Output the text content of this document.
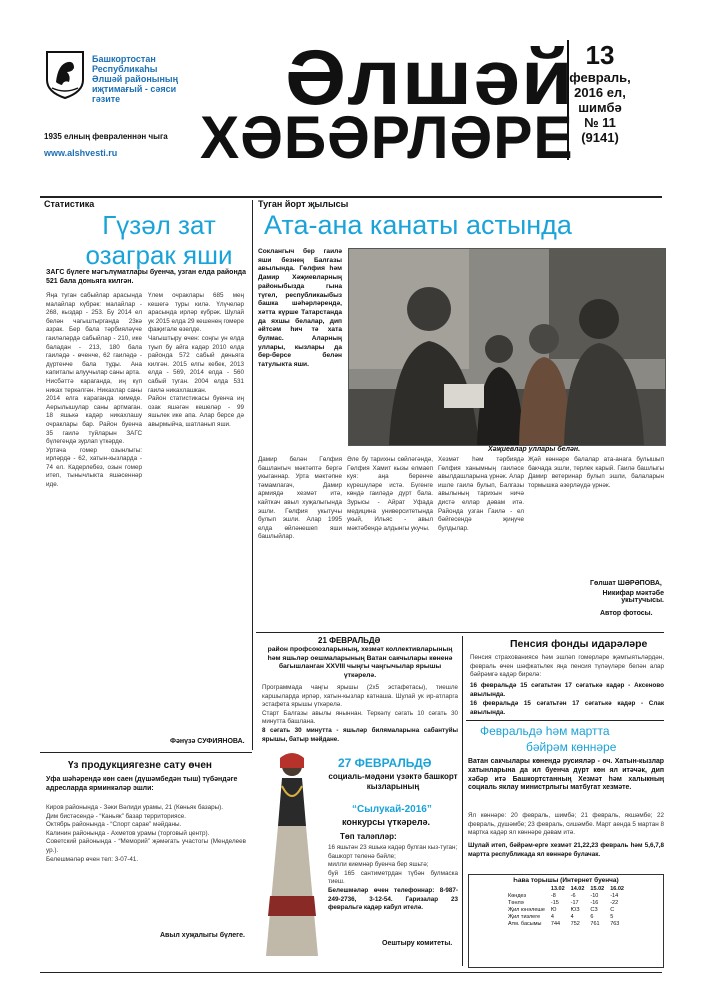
Башкортостан Республикаһы Әлшәй районының иҗтимағый - сәяси гәзите	Әлшәй
ХӘБӘРЛӘРЕ
1935 елның февраленнән чыга
www.alshvesti.ru
13
февраль,
2016 ел,
шимбә
№ 11
(9141)
Статистика
Гүзәл зат
озаграк яши
ЗАГС бүлеге мәгълүматлары буенча, узган елда районда 521 бала доньяга килгән.
Яңа туган сабыйлар арасында малайлар күбрәк: малайлар - 268, кыздар - 253. Бу 2014 ел белән чагыштырганда 23кә азрак. Бер бала тәрбияләүче гаиләләрдә сабыйлар - 210, ике баладан - 213, 180 бала гаиләдә - өченче, 62 гаиләдә - дүртенче бала туды. Ана капиталы алуучылар саны арта.
Нисбәттә караганда, иң күп никах теркәлгән. Никахлар саны 2014 елга караганда кимеде. Аерылышулар саны артмаган. 18 яшькә кадәр никахлашу очраклары бар. Район буенча 35 гаилә туйларын ЗАГС бүлегендә зурлап үткәрде.
Уртача гомер озынлыгы: ирләрдә - 62, хатын-кызларда - 74 ел. Кадерлебез, озын гомер итеп, тынычлыкта яшәсеннәр иде.
Үлем очраклары 685 мең кешегә туры килә. Үлүчеләр арасында ирләр күбрәк. Шулай ук 2015 елда 29 кешенең гомере фаҗигале өзелде.
Чагыштыру өчен: соңгы ун елда туып бу айга кадәр 2010 елда районда 572 сабый дөньяга килгән. 2015 елгы кебек, 2013 елда - 569, 2014 елда - 560 сабый туган. 2004 елда 531 гаилә никахлашкан.
Район статистикасы буенча иң озак яшәгән кешеләр - 99 яшьлек ике апа. Алар берсе дә авырмыйча, шатланып яши.
Фәнүзә СУФИЯНОВА.
Үз продукциягезне сату өчен
Уфа шәһәрендә көн саен (дүшәмбедән тыш) түбәндәге адресларда ярминкәләр эшли:
Киров районында - Зәки Вәлиди урамы, 21 (Көньяк базары).
Дим бистәсендә - “Каньяк” базар территориясе.
Октябрь районында - “Спорт сарае” мәйданы.
Калинин районында - Ахметов урамы (торговый центр).
Советский районында - “Меморий” җәмәгать участогы (Менделеев ур.).
Белешмәләр өчен тел: 3-07-41.
Авыл хуҗалыгы бүлеге.
Туган йорт җылысы
Ата-ана канаты астында
Соклангыч бер гаилә яши безнең Балгазы авылында. Гөлфия һәм Дамир Хәҗиевларның районыбызда гына түгел, республикаыбыз башка шәһәрләрендә, хәтта күрше Татарстанда да яхшы белалар, дип әйтсәм һич тә хата булмас. Аларның уллары, кызлары да бер-берсе белән татулыкта яши.
Хәҗиевлар уллары белән.
Дамир белән Гөлфия башлангыч мәктәптә бергә укыганнар. Урта мәктәпне тәмамлагач, Дамир армиядә хезмәт итә, кайткач авыл хуҗалыгында эшли. Гөлфия укытучы булып эшли. Алар 1995 елда өйләнешеп яши башлыйлар.
Әле бу тарихны сөйләгәндә, Гөлфия Хамит кызы елмаеп куя: аңа беренче күрешүләре истә. Бүгенге көндә гаиләдә дүрт бала. Зурысы - Айрат Уфада медицина университетында укый, Ильяс - авыл мәктәбендә алдынгы укучы.
Хезмәт һәм тәрбиядә Гөлфия ханымның гаиләсе авылдашларына үрнәк. Алар ишле гаилә булып, Балгазы авылының тарихын ничә дистә еллар дәвам итә. Районда узган Гаилә - ел бәйгесендә җиңүче булдылар.
Җәй көннәре балалар ата-анага булышып бакчада эшли, терлек карый. Гаилә башлыгы Дамир ветеринар булып эшли, балаларын тормышка әзерләүдә үрнәк.
Гөлшат ШӘРӘПОВА,
Никифар мәктәбе укытучысы.
Автор фотосы.
21 ФЕВРАЛЬДӘ
район профсоюзларының, хезмәт коллективларының һәм яшьләр оешмаларының Ватан сакчылары көненә багышланган XXVIII чыңгы чаңгычылар ярышы үткәрелә.
Программада чаңгы ярышы (2х5 эстафетасы), тиешле каршыларда ирләр, хатын-кызлар катнаша. Шулай ук ир-атларга эстафета ярышы үткәрелә.
Старт Балгазы авылы яныннан. Теркәлү сәгать 10 сәгать 30 минутта башлана.
8 сәгать 30 минутта - яшьләр билямаларына сабантуйы ярышы, батыр мәйдане.
27 ФЕВРАЛЬДӘ
социаль-мәдәни үзәктә башкорт кызларының
“Сылукай-2016”
конкурсы үткәрелә.
Төп таләпләр:
16 яшьтән 23 яшькә кадәр булган кыз-туган;
башкорт теленә бәйле;
милли киемнәр буенча бер яшьтә;
буй 165 сантиметрдан түбән булмаска тиеш.
Белешмәләр өчен телефоннар: 8-987-249-2736, 3-12-54. Гаризалар 23 февральгә кадәр кабул ителә.
Оештыру комитеты.
Пенсия фонды идарәләре
Пенсия страхованиясе һәм эшләп гомерләре җәмгыятьләрдән, февраль өчен шәфкатьлек яңа пенсия түләүләре белән алар бәйрәмгә кадәр бирелә:
16 февральдә 15 сәгатьтән 17 сәгатькә кадәр - Аксеново авылында.
16 февральдә 15 сәгатьтән 17 сәгатькә кадәр - Слак авылында.
Февральдә һәм мартта
бәйрәм көннәре
Ватан сакчылары көнендә русияләр - оч. Хатын-кызлар хатынларына да ил буенча дүрт көн ял итәчәк, дип хәбәр итә Башкортстанның Хезмәт һәм халыкның социаль яклау министрлыгы матбугат хезмәте.
Ял көннәре: 20 февраль, шимбә; 21 февраль, якшәмбе; 22 февраль, дүшәмбе; 23 февраль, сишәмбе. Март аенда 5 мартан 8 мартка кадәр ял көннәре дәвам итә.
Шулай итеп, бәйрәм-ерге хезмәт 21,22,23 февраль һәм 5,6,7,8 мартта республикада ял көннәре булачак.
Һава торышы (Интернет буенча)
	13.02	14.02	15.02	16.02
Көндез	-8	-6	-10	-14
Төнлә	-15	-17	-16	-22
Җил юнәлеше	Ю	ЮЗ	СЗ	С
Җил тизлеге	4	4	6	5
Атм. басымы	744	752	761	763
